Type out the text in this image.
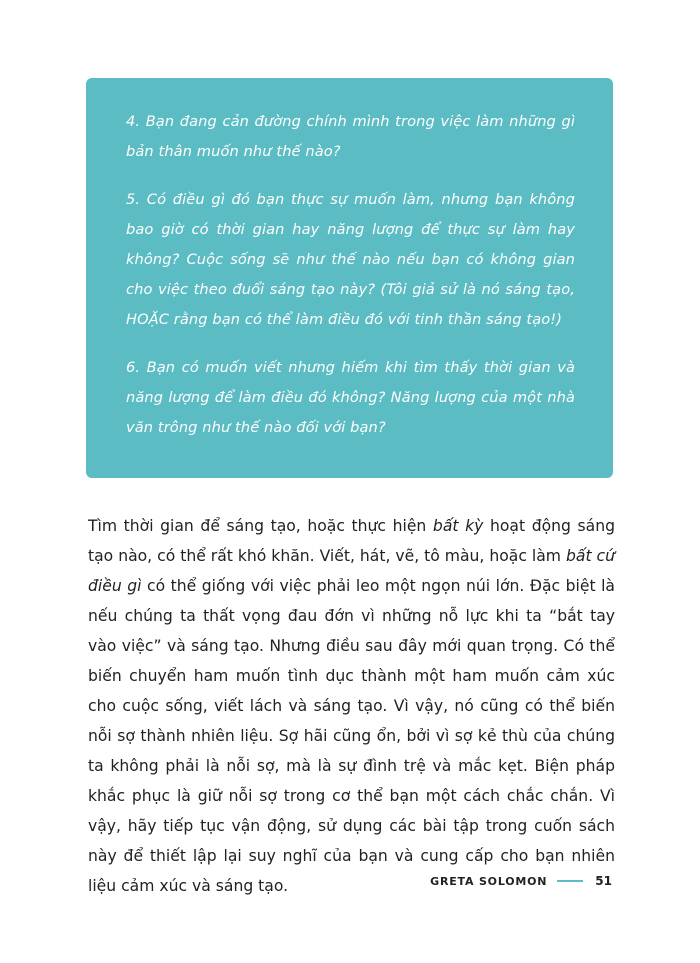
4. Bạn đang cản đường chính mình trong việc làm những gì bản thân muốn như thế nào?

5. Có điều gì đó bạn thực sự muốn làm, nhưng bạn không bao giờ có thời gian hay năng lượng để thực sự làm hay không? Cuộc sống sẽ như thế nào nếu bạn có không gian cho việc theo đuổi sáng tạo này? (Tôi giả sử là nó sáng tạo, HOẶC rằng bạn có thể làm điều đó với tinh thần sáng tạo!)

6. Bạn có muốn viết nhưng hiếm khi tìm thấy thời gian và năng lượng để làm điều đó không? Năng lượng của một nhà văn trông như thế nào đối với bạn?

Tìm thời gian để sáng tạo, hoặc thực hiện bất kỳ hoạt động sáng tạo nào, có thể rất khó khăn. Viết, hát, vẽ, tô màu, hoặc làm bất cứ điều gì có thể giống với việc phải leo một ngọn núi lớn. Đặc biệt là nếu chúng ta thất vọng đau đớn vì những nỗ lực khi ta “bắt tay vào việc” và sáng tạo. Nhưng điều sau đây mới quan trọng. Có thể biến chuyển ham muốn tình dục thành một ham muốn cảm xúc cho cuộc sống, viết lách và sáng tạo. Vì vậy, nó cũng có thể biến nỗi sợ thành nhiên liệu. Sợ hãi cũng ổn, bởi vì sợ kẻ thù của chúng ta không phải là nỗi sợ, mà là sự đình trệ và mắc kẹt. Biện pháp khắc phục là giữ nỗi sợ trong cơ thể bạn một cách chắc chắn. Vì vậy, hãy tiếp tục vận động, sử dụng các bài tập trong cuốn sách này để thiết lập lại suy nghĩ của bạn và cung cấp cho bạn nhiên liệu cảm xúc và sáng tạo.	GRETA SOLOMON	51
